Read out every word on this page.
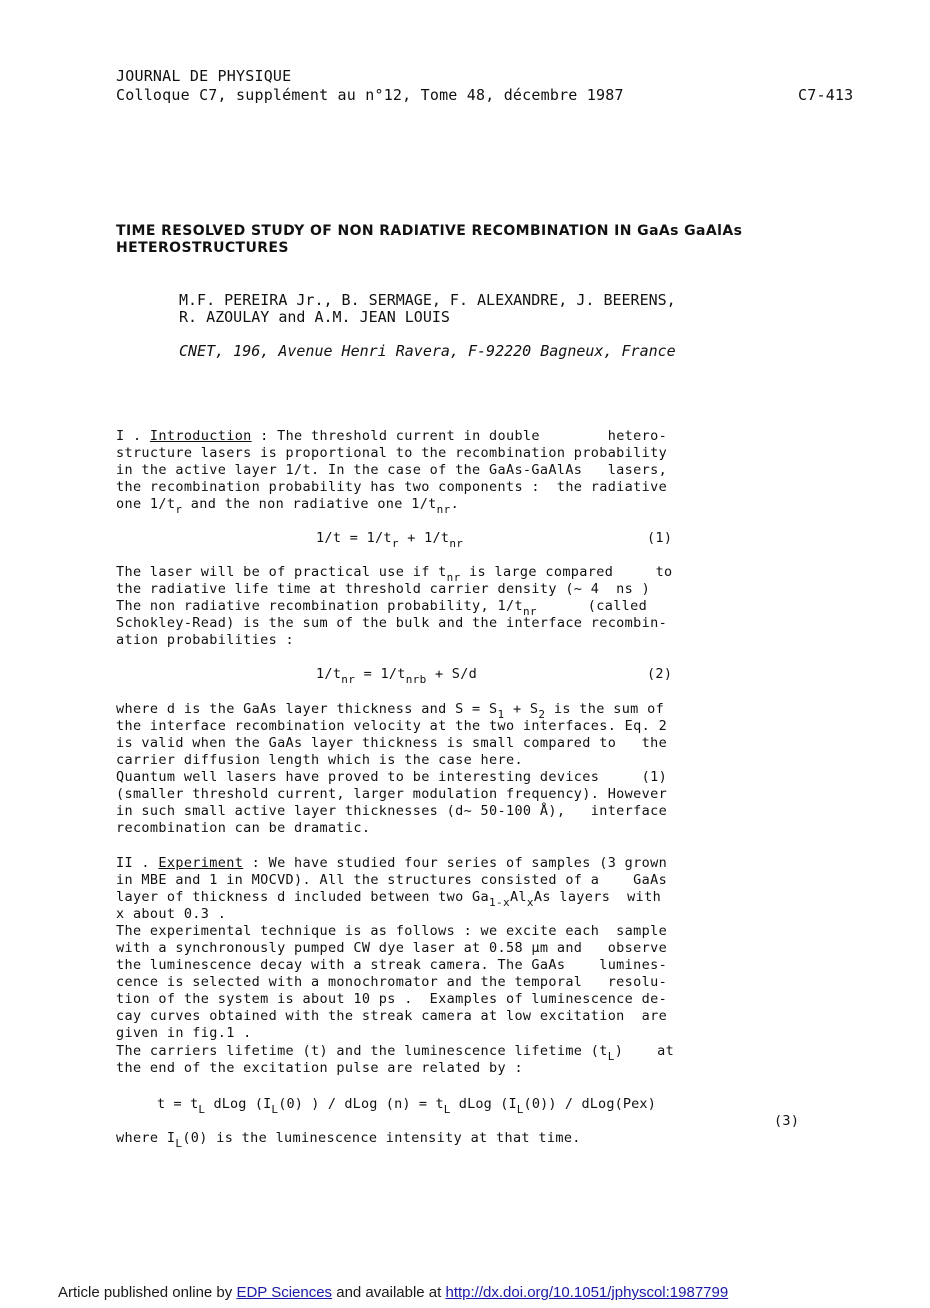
JOURNAL DE PHYSIQUE
Colloque C7, supplément au n°12, Tome 48, décembre 1987	C7-413
TIME RESOLVED STUDY OF NON RADIATIVE RECOMBINATION IN GaAs GaAlAs
HETEROSTRUCTURES
M.F. PEREIRA Jr., B. SERMAGE, F. ALEXANDRE, J. BEERENS,
R. AZOULAY and A.M. JEAN LOUIS
CNET, 196, Avenue Henri Ravera, F-92220 Bagneux, France
I . Introduction : The threshold current in double        hetero-
structure lasers is proportional to the recombination probability
in the active layer 1/t. In the case of the GaAs-GaAlAs   lasers,
the recombination probability has two components :  the radiative
one $1/t_r$ and the non radiative one $1/t_{nr}$.
$1/t = 1/t_r + 1/t_{nr}$	(1)
The laser will be of practical use if $t_{nr}$ is large compared     to
the radiative life time at threshold carrier density (~ 4  ns )
The non radiative recombination probability, $1/t_{nr}$      (called
Schokley-Read) is the sum of the bulk and the interface recombin-
ation probabilities :
$1/t_{nr} = 1/t_{nrb} + S/d$	(2)
where d is the GaAs layer thickness and $S = S_1 + S_2$ is the sum of
the interface recombination velocity at the two interfaces. Eq. 2
is valid when the GaAs layer thickness is small compared to   the
carrier diffusion length which is the case here.
Quantum well lasers have proved to be interesting devices     (1)
(smaller threshold current, larger modulation frequency). However
in such small active layer thicknesses (d~ 50-100 Å),   interface
recombination can be dramatic.
II . Experiment : We have studied four series of samples (3 grown
in MBE and 1 in MOCVD). All the structures consisted of a    GaAs
layer of thickness d included between two $Ga_{1-x}Al_xAs$ layers  with
x about 0.3 .
The experimental technique is as follows : we excite each  sample
with a synchronously pumped CW dye laser at 0.58 µm and   observe
the luminescence decay with a streak camera. The GaAs    lumines-
cence is selected with a monochromator and the temporal   resolu-
tion of the system is about 10 ps .  Examples of luminescence de-
cay curves obtained with the streak camera at low excitation  are
given in fig.1 .
The carriers lifetime (t) and the luminescence lifetime $(t_L)$    at
the end of the excitation pulse are related by :
$t = t_L$ dLog ($I_L(0)$ ) / dLog $(n) = t_L$ dLog $(I_L(0))$ / dLog(Pex)
(3)
where $I_L(0)$ is the luminescence intensity at that time.
Article published online by EDP Sciences and available at http://dx.doi.org/10.1051/jphyscol:1987799
